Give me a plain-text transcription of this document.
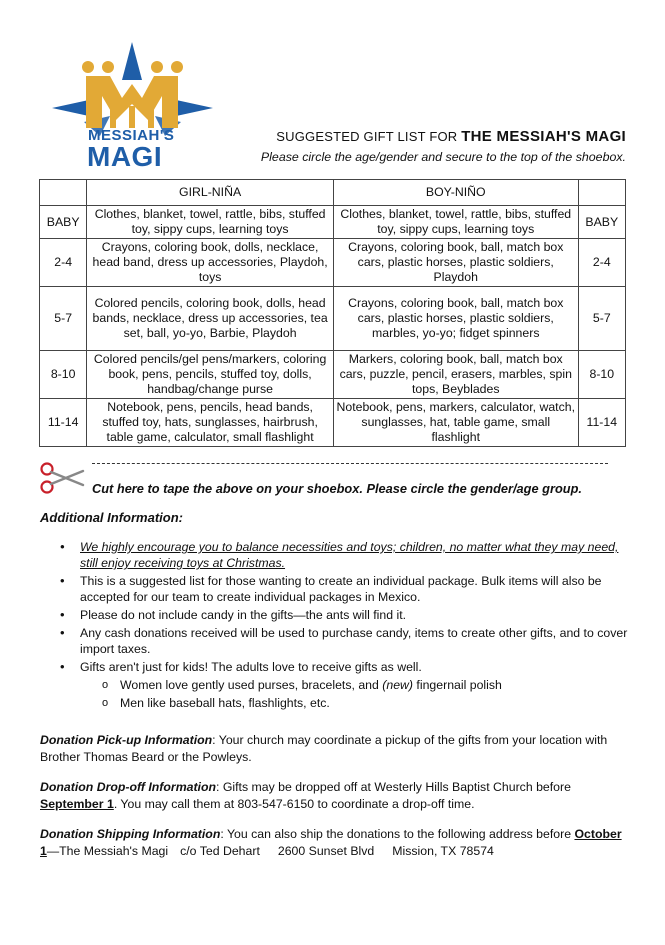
MESSIAH'S
MAGI
SUGGESTED GIFT LIST FOR THE MESSIAH'S MAGI
Please circle the age/gender and secure to the top of the shoebox.
	GIRL-NIÑA	BOY-NIÑO	
BABY	Clothes, blanket, towel, rattle, bibs, stuffed toy, sippy cups, learning toys	Clothes, blanket, towel, rattle, bibs, stuffed toy, sippy cups, learning toys	BABY
2-4	Crayons, coloring book, dolls, necklace, head band, dress up accessories, Playdoh, toys	Crayons, coloring book, ball, match box cars, plastic horses, plastic soldiers, Playdoh	2-4
5-7	Colored pencils, coloring book, dolls, head bands, necklace, dress up accessories, tea set, ball, yo-yo, Barbie, Playdoh	Crayons, coloring book, ball, match box cars, plastic horses, plastic soldiers, marbles, yo-yo; fidget spinners	5-7
8-10	Colored pencils/gel pens/markers, coloring book, pens, pencils, stuffed toy, dolls, handbag/change purse	Markers, coloring book, ball, match box cars, puzzle, pencil, erasers, marbles, spin tops, Beyblades	8-10
11-14	Notebook, pens, pencils, head bands, stuffed toy, hats, sunglasses, hairbrush, table game, calculator, small flashlight	Notebook, pens, markers, calculator, watch, sunglasses, hat, table game, small flashlight	11-14
Cut here to tape the above on your shoebox. Please circle the gender/age group.
Additional Information:
• We highly encourage you to balance necessities and toys; children, no matter what they may need, still enjoy receiving toys at Christmas.
• This is a suggested list for those wanting to create an individual package. Bulk items will also be accepted for our team to create individual packages in Mexico.
• Please do not include candy in the gifts—the ants will find it.
• Any cash donations received will be used to purchase candy, items to create other gifts, and to cover import taxes.
• Gifts aren't just for kids! The adults love to receive gifts as well.
o Women love gently used purses, bracelets, and (new) fingernail polish
o Men like baseball hats, flashlights, etc.
Donation Pick-up Information: Your church may coordinate a pickup of the gifts from your location with Brother Thomas Beard or the Powleys.
Donation Drop-off Information: Gifts may be dropped off at Westerly Hills Baptist Church before September 1. You may call them at 803-547-6150 to coordinate a drop-off time.
Donation Shipping Information: You can also ship the donations to the following address before October 1—The Messiah's Magi c/o Ted Dehart 2600 Sunset Blvd Mission, TX 78574
